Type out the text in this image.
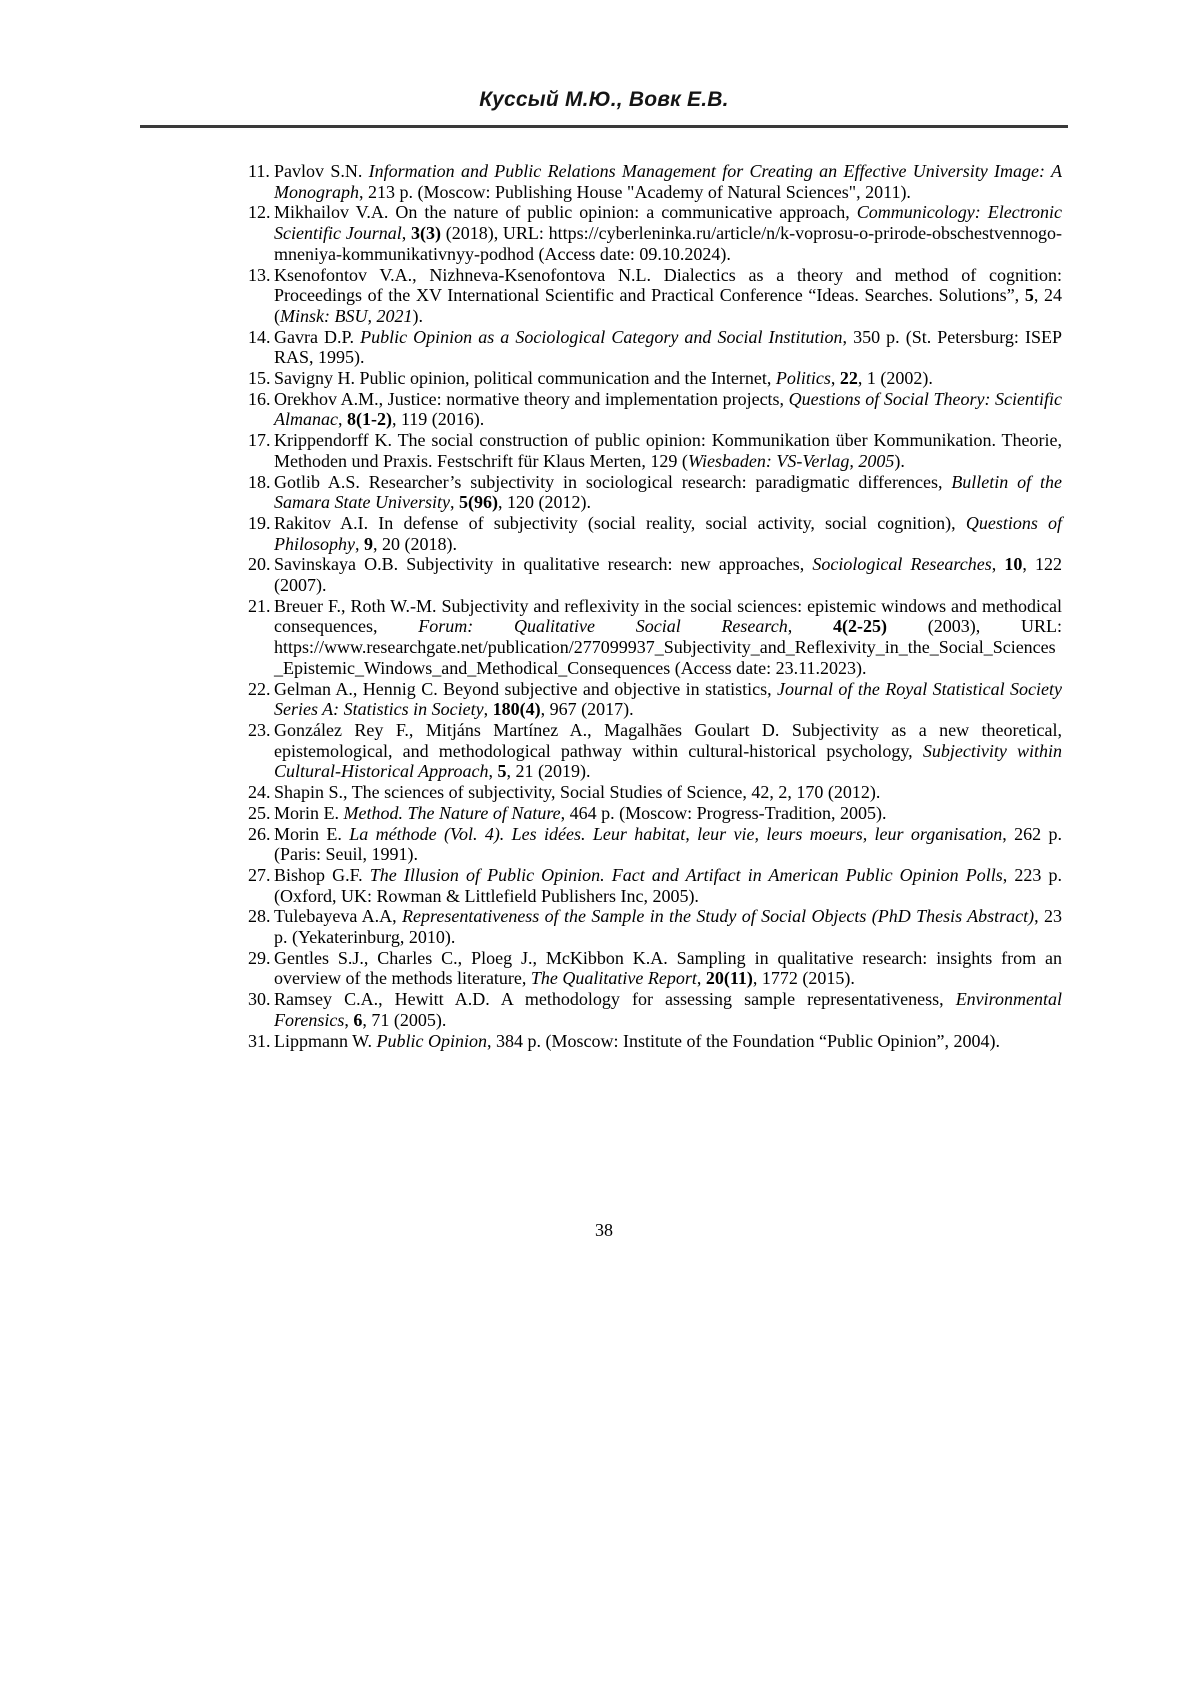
Куссый М.Ю., Вовк Е.В.
11. Pavlov S.N. Information and Public Relations Management for Creating an Effective University Image: A Monograph, 213 p. (Moscow: Publishing House "Academy of Natural Sciences", 2011).
12. Mikhailov V.A. On the nature of public opinion: a communicative approach, Communicology: Electronic Scientific Journal, 3(3) (2018), URL: https://cyberleninka.ru/article/n/k-voprosu-o-prirode-obschestvennogo-mneniya-kommunikativnyy-podhod (Access date: 09.10.2024).
13. Ksenofontov V.A., Nizhneva-Ksenofontova N.L. Dialectics as a theory and method of cognition: Proceedings of the XV International Scientific and Practical Conference “Ideas. Searches. Solutions”, 5, 24 (Minsk: BSU, 2021).
14. Gavra D.P. Public Opinion as a Sociological Category and Social Institution, 350 p. (St. Petersburg: ISEP RAS, 1995).
15. Savigny H. Public opinion, political communication and the Internet, Politics, 22, 1 (2002).
16. Orekhov A.M., Justice: normative theory and implementation projects, Questions of Social Theory: Scientific Almanac, 8(1-2), 119 (2016).
17. Krippendorff K. The social construction of public opinion: Kommunikation über Kommunikation. Theorie, Methoden und Praxis. Festschrift für Klaus Merten, 129 (Wiesbaden: VS-Verlag, 2005).
18. Gotlib A.S. Researcher’s subjectivity in sociological research: paradigmatic differences, Bulletin of the Samara State University, 5(96), 120 (2012).
19. Rakitov A.I. In defense of subjectivity (social reality, social activity, social cognition), Questions of Philosophy, 9, 20 (2018).
20. Savinskaya O.B. Subjectivity in qualitative research: new approaches, Sociological Researches, 10, 122 (2007).
21. Breuer F., Roth W.-M. Subjectivity and reflexivity in the social sciences: epistemic windows and methodical consequences, Forum: Qualitative Social Research, 4(2-25) (2003), URL: https://www.researchgate.net/publication/277099937_Subjectivity_and_Reflexivity_in_the_Social_Sciences_Epistemic_Windows_and_Methodical_Consequences (Access date: 23.11.2023).
22. Gelman A., Hennig C. Beyond subjective and objective in statistics, Journal of the Royal Statistical Society Series A: Statistics in Society, 180(4), 967 (2017).
23. González Rey F., Mitjáns Martínez A., Magalhães Goulart D. Subjectivity as a new theoretical, epistemological, and methodological pathway within cultural-historical psychology, Subjectivity within Cultural-Historical Approach, 5, 21 (2019).
24. Shapin S., The sciences of subjectivity, Social Studies of Science, 42, 2, 170 (2012).
25. Morin E. Method. The Nature of Nature, 464 p. (Moscow: Progress-Tradition, 2005).
26. Morin E. La méthode (Vol. 4). Les idées. Leur habitat, leur vie, leurs moeurs, leur organisation, 262 p. (Paris: Seuil, 1991).
27. Bishop G.F. The Illusion of Public Opinion. Fact and Artifact in American Public Opinion Polls, 223 p. (Oxford, UK: Rowman & Littlefield Publishers Inc, 2005).
28. Tulebayeva A.A, Representativeness of the Sample in the Study of Social Objects (PhD Thesis Abstract), 23 p. (Yekaterinburg, 2010).
29. Gentles S.J., Charles C., Ploeg J., McKibbon K.A. Sampling in qualitative research: insights from an overview of the methods literature, The Qualitative Report, 20(11), 1772 (2015).
30. Ramsey C.A., Hewitt A.D. A methodology for assessing sample representativeness, Environmental Forensics, 6, 71 (2005).
31. Lippmann W. Public Opinion, 384 p. (Moscow: Institute of the Foundation “Public Opinion”, 2004).
38
